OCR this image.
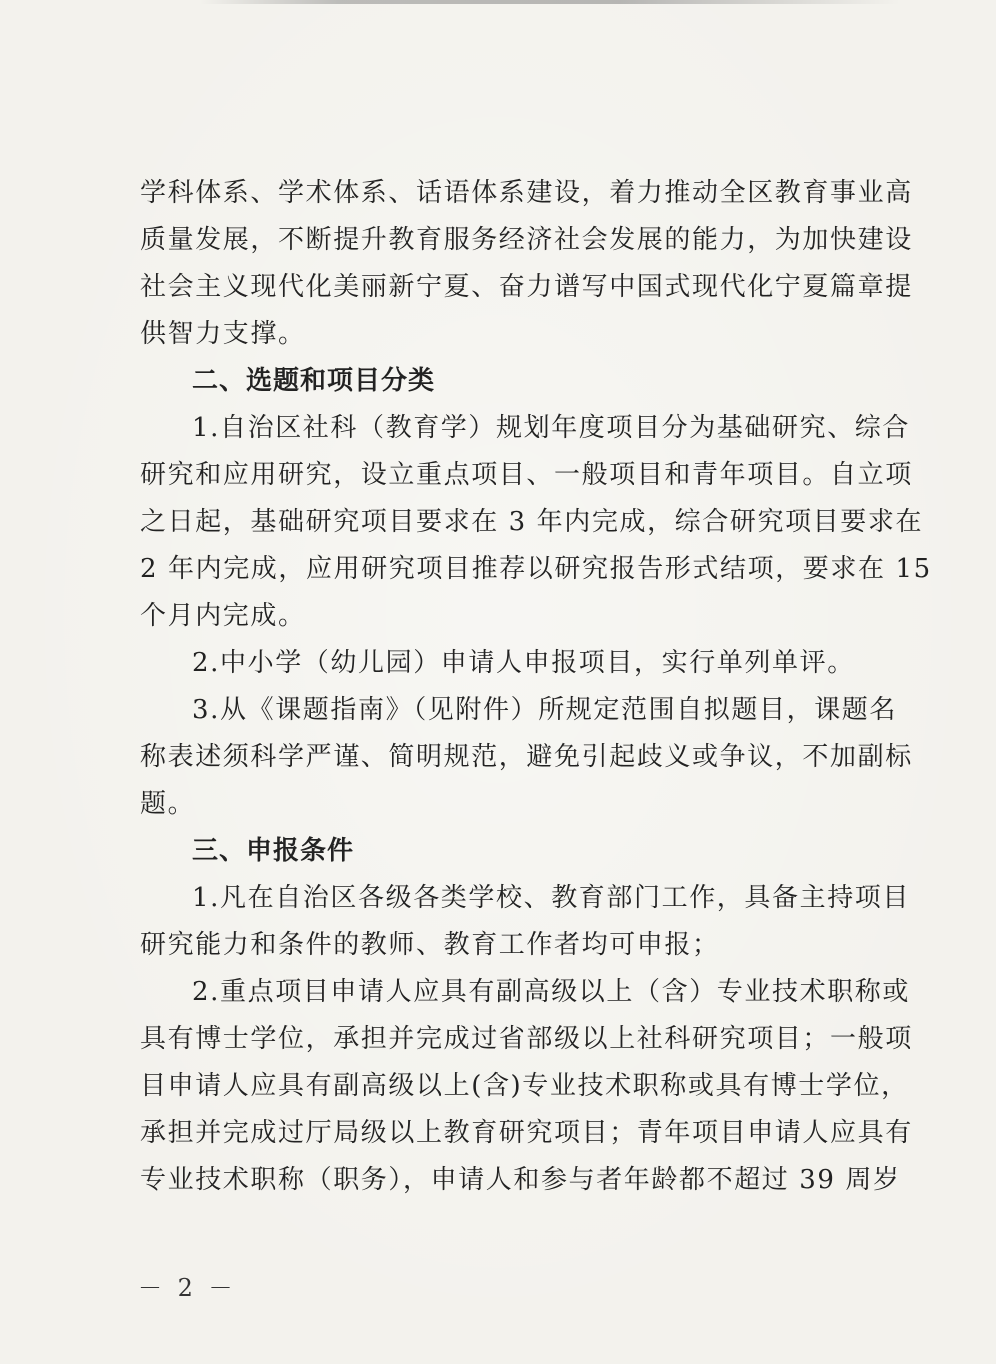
学科体系、学术体系、话语体系建设，着力推动全区教育事业高
质量发展，不断提升教育服务经济社会发展的能力，为加快建设
社会主义现代化美丽新宁夏、奋力谱写中国式现代化宁夏篇章提
供智力支撑。
二、选题和项目分类
1.自治区社科（教育学）规划年度项目分为基础研究、综合
研究和应用研究，设立重点项目、一般项目和青年项目。自立项
之日起，基础研究项目要求在 3 年内完成，综合研究项目要求在
2 年内完成，应用研究项目推荐以研究报告形式结项，要求在 15
个月内完成。
2.中小学（幼儿园）申请人申报项目，实行单列单评。
3.从《课题指南》（见附件）所规定范围自拟题目，课题名
称表述须科学严谨、简明规范，避免引起歧义或争议，不加副标
题。
三、申报条件
1.凡在自治区各级各类学校、教育部门工作，具备主持项目
研究能力和条件的教师、教育工作者均可申报；
2.重点项目申请人应具有副高级以上（含）专业技术职称或
具有博士学位，承担并完成过省部级以上社科研究项目；一般项
目申请人应具有副高级以上(含)专业技术职称或具有博士学位，
承担并完成过厅局级以上教育研究项目；青年项目申请人应具有
专业技术职称（职务），申请人和参与者年龄都不超过 39 周岁
－ 2 －
